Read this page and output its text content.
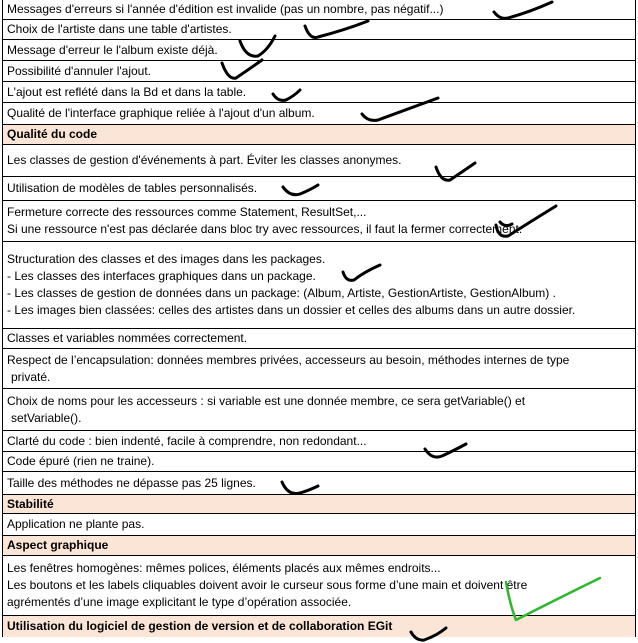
Messages d'erreurs si l'année d'édition est invalide (pas un nombre, pas négatif...)
Choix de l'artiste dans une table d'artistes.
Message d'erreur le l'album existe déjà.
Possibilité d'annuler l'ajout.
L'ajout est reflété dans la Bd et dans la table.
Qualité de l'interface graphique reliée à l'ajout d'un album.
Qualité du code
Les classes de gestion d'événements à part. Éviter les classes anonymes.
Utilisation de modèles de tables personnalisés.
Fermeture correcte des ressources comme Statement, ResultSet,...
Si une ressource n'est pas déclarée dans bloc try avec ressources, il faut la fermer correctement.
Structuration des classes et des images dans les packages.
- Les classes des interfaces graphiques dans un package.
- Les classes de gestion de données dans un package: (Album, Artiste, GestionArtiste, GestionAlbum) .
- Les images bien classées: celles des artistes dans un dossier et celles des albums dans un autre dossier.
Classes et variables nommées correctement.
Respect de l’encapsulation: données membres privées, accesseurs au besoin, méthodes internes de type
privaté.
Choix de noms pour les accesseurs : si variable est une donnée membre, ce sera getVariable() et
setVariable().
Clarté du code : bien indenté, facile à comprendre, non redondant...
Code épuré (rien ne traine).
Taille des méthodes ne dépasse pas 25 lignes.
Stabilité
Application ne plante pas.
Aspect graphique
Les fenêtres homogènes: mêmes polices, éléments placés aux mêmes endroits...
Les boutons et les labels cliquables doivent avoir le curseur sous forme d’une main et doivent être
agrémentés d’une image explicitant le type d’opération associée.
Utilisation du logiciel de gestion de version et de collaboration EGit
